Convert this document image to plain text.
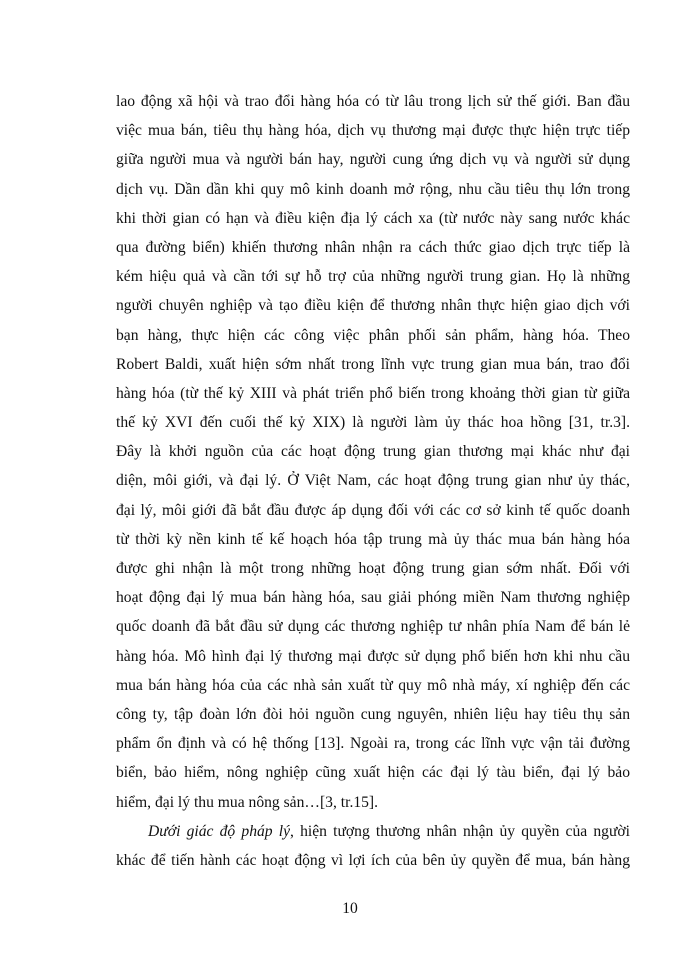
lao động xã hội và trao đổi hàng hóa có từ lâu trong lịch sử thế giới. Ban đầu
việc mua bán, tiêu thụ hàng hóa, dịch vụ thương mại được thực hiện trực tiếp
giữa người mua và người bán hay, người cung ứng dịch vụ và người sử dụng
dịch vụ. Dần dần khi quy mô kinh doanh mở rộng, nhu cầu tiêu thụ lớn trong
khi thời gian có hạn và điều kiện địa lý cách xa (từ nước này sang nước khác
qua đường biển) khiến thương nhân nhận ra cách thức giao dịch trực tiếp là
kém hiệu quả và cần tới sự hỗ trợ của những người trung gian. Họ là những
người chuyên nghiệp và tạo điều kiện để thương nhân thực hiện giao dịch với
bạn hàng, thực hiện các công việc phân phối sản phẩm, hàng hóa. Theo
Robert Baldi, xuất hiện sớm nhất trong lĩnh vực trung gian mua bán, trao đổi
hàng hóa (từ thế kỷ XIII và phát triển phổ biến trong khoảng thời gian từ giữa
thế kỷ XVI đến cuối thế kỷ XIX) là người làm ủy thác hoa hồng [31, tr.3].
Đây là khởi nguồn của các hoạt động trung gian thương mại khác như đại
diện, môi giới, và đại lý. Ở Việt Nam, các hoạt động trung gian như ủy thác,
đại lý, môi giới đã bắt đầu được áp dụng đối với các cơ sở kinh tế quốc doanh
từ thời kỳ nền kinh tế kế hoạch hóa tập trung mà ủy thác mua bán hàng hóa
được ghi nhận là một trong những hoạt động trung gian sớm nhất. Đối với
hoạt động đại lý mua bán hàng hóa, sau giải phóng miền Nam thương nghiệp
quốc doanh đã bắt đầu sử dụng các thương nghiệp tư nhân phía Nam để bán lẻ
hàng hóa. Mô hình đại lý thương mại được sử dụng phổ biến hơn khi nhu cầu
mua bán hàng hóa của các nhà sản xuất từ quy mô nhà máy, xí nghiệp đến các
công ty, tập đoàn lớn đòi hỏi nguồn cung nguyên, nhiên liệu hay tiêu thụ sản
phẩm ổn định và có hệ thống [13]. Ngoài ra, trong các lĩnh vực vận tải đường
biển, bảo hiểm, nông nghiệp cũng xuất hiện các đại lý tàu biển, đại lý bảo
hiểm, đại lý thu mua nông sản…[3, tr.15].
Dưới giác độ pháp lý, hiện tượng thương nhân nhận ủy quyền của người
khác để tiến hành các hoạt động vì lợi ích của bên ủy quyền để mua, bán hàng
10
